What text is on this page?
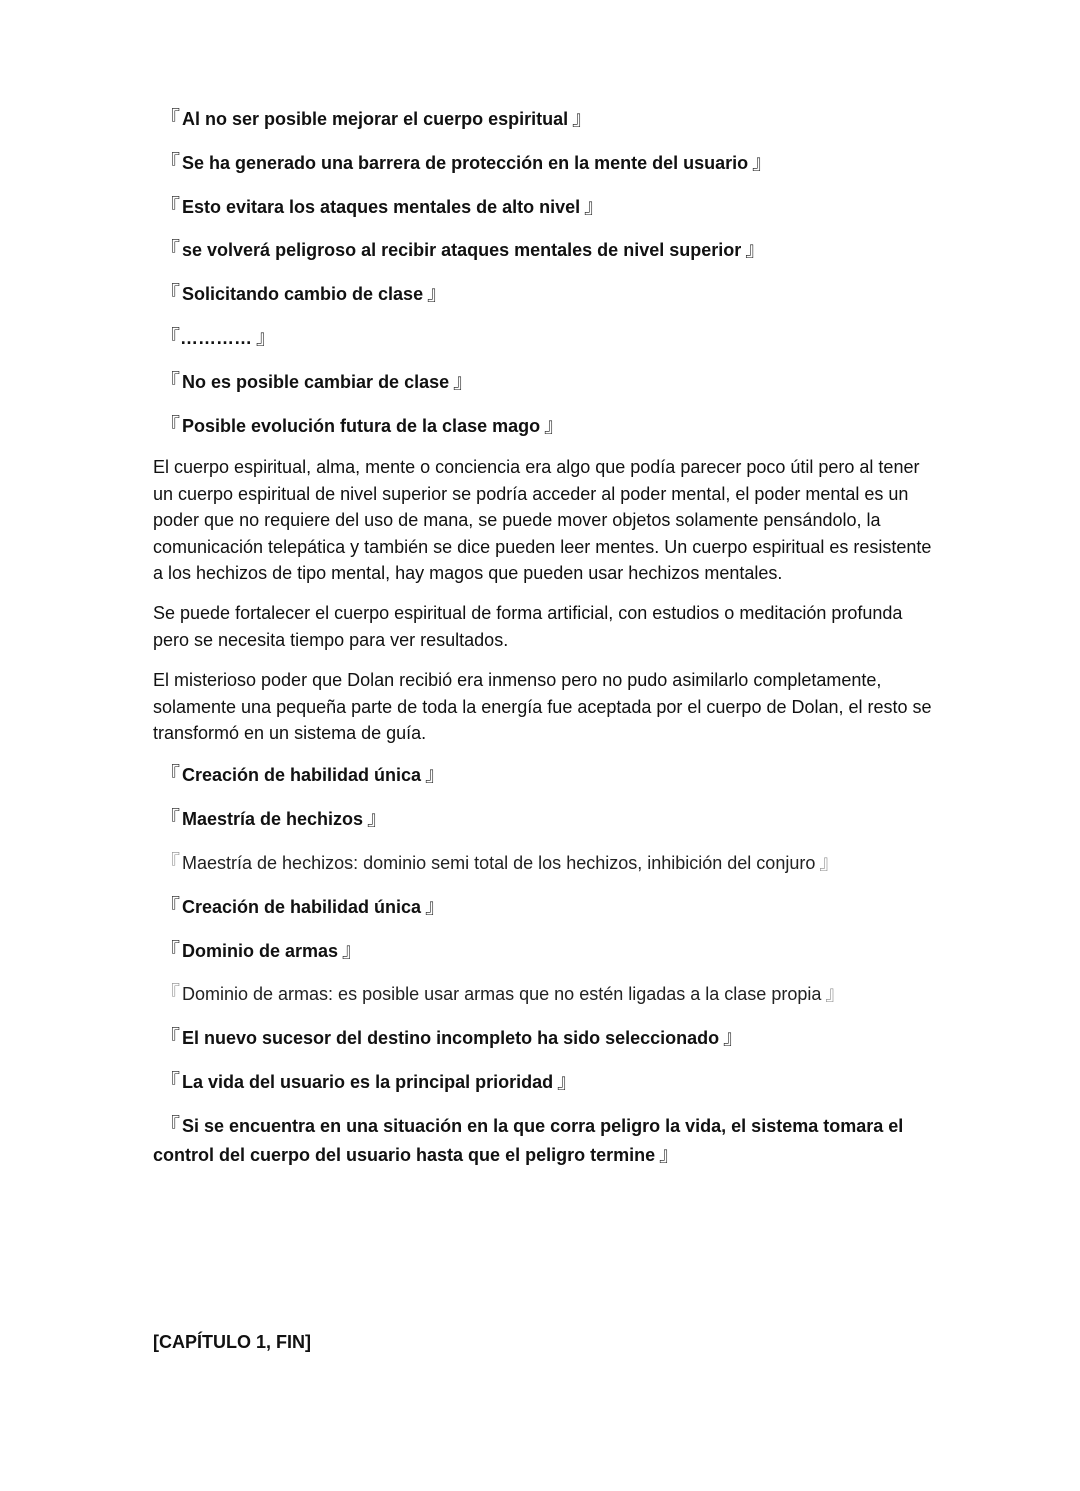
『 Al no ser posible mejorar el cuerpo espiritual 』
『 Se ha generado una barrera de protección en la mente del usuario 』
『 Esto evitara los ataques mentales de alto nivel 』
『 se volverá peligroso al recibir ataques mentales de nivel superior 』
『 Solicitando cambio de clase 』
『………… 』
『 No es posible cambiar de clase 』
『 Posible evolución futura de la clase mago 』

El cuerpo espiritual, alma, mente o conciencia era algo que podía parecer poco útil pero al tener un cuerpo espiritual de nivel superior se podría acceder al poder mental, el poder mental es un poder que no requiere del uso de mana, se puede mover objetos solamente pensándolo, la comunicación telepática y también se dice pueden leer mentes. Un cuerpo espiritual es resistente a los hechizos de tipo mental, hay magos que pueden usar hechizos mentales.

Se puede fortalecer el cuerpo espiritual de forma artificial, con estudios o meditación profunda pero se necesita tiempo para ver resultados.

El misterioso poder que Dolan recibió era inmenso pero no pudo asimilarlo completamente, solamente una pequeña parte de toda la energía fue aceptada por el cuerpo de Dolan, el resto se transformó en un sistema de guía.

『 Creación de habilidad única 』
『 Maestría de hechizos 』
『 Maestría de hechizos: dominio semi total de los hechizos, inhibición del conjuro 』
『 Creación de habilidad única 』
『 Dominio de armas 』
『 Dominio de armas: es posible usar armas que no estén ligadas a la clase propia 』
『 El nuevo sucesor del destino incompleto ha sido seleccionado 』
『 La vida del usuario es la principal prioridad 』
『 Si se encuentra en una situación en la que corra peligro la vida, el sistema tomara el control del cuerpo del usuario hasta que el peligro termine 』
[CAPÍTULO 1, FIN]
